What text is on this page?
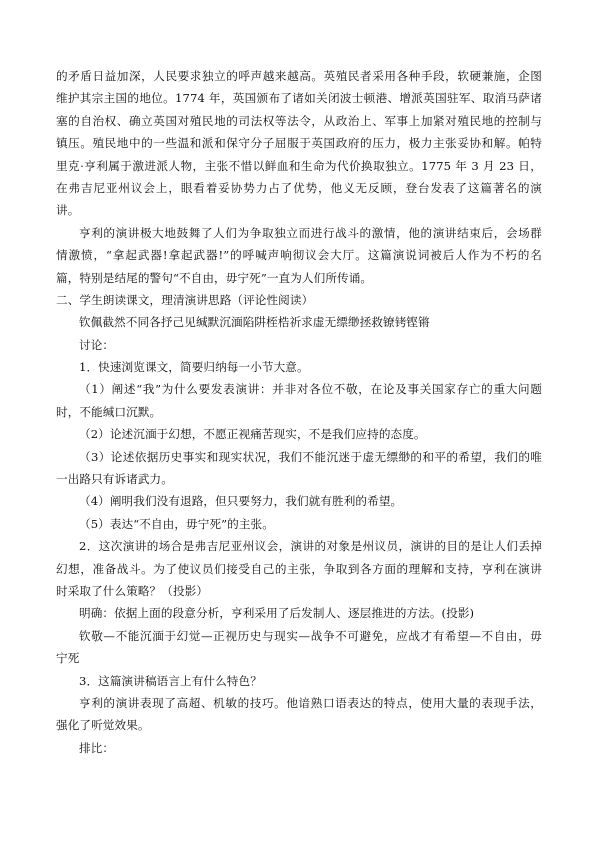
的矛盾日益加深，人民要求独立的呼声越来越高。英殖民者采用各种手段，软硬兼施，企图
维护其宗主国的地位。1774 年，英国颁布了诸如关闭波士顿港、增派英国驻军、取消马萨诸
塞的自治权、确立英国对殖民地的司法权等法令，从政治上、军事上加紧对殖民地的控制与
镇压。殖民地中的一些温和派和保守分子屈服于英国政府的压力，极力主张妥协和解。帕特
里克·亨利属于激进派人物，主张不惜以鲜血和生命为代价换取独立。1775 年 3 月 23 日，
在弗吉尼亚州议会上，眼看着妥协势力占了优势，他义无反顾，登台发表了这篇著名的演
讲。
亨利的演讲极大地鼓舞了人们为争取独立而进行战斗的激情，他的演讲结束后，会场群
情激愤，“拿起武器!拿起武器!”的呼喊声响彻议会大厅。这篇演说词被后人作为不朽的名
篇，特别是结尾的警句“不自由，毋宁死”一直为人们所传诵。
二、学生朗读课文，理清演讲思路（评论性阅读）
钦佩截然不同各抒己见缄默沉湎陷阱桎梏祈求虚无缥缈拯救镣铐铿锵
讨论：
1．快速浏览课文，简要归纳每一小节大意。
（1）阐述“我”为什么要发表演讲：并非对各位不敬，在论及事关国家存亡的重大问题
时，不能缄口沉默。
（2）论述沉湎于幻想，不愿正视痛苦现实，不是我们应持的态度。
（3）论述依据历史事实和现实状况，我们不能沉迷于虚无缥缈的和平的希望，我们的唯
一出路只有诉诸武力。
（4）阐明我们没有退路，但只要努力，我们就有胜利的希望。
（5）表达“不自由，毋宁死”的主张。
2．这次演讲的场合是弗吉尼亚州议会，演讲的对象是州议员，演讲的目的是让人们丢掉
幻想，准备战斗。为了使议员们接受自己的主张，争取到各方面的理解和支持，亨利在演讲
时采取了什么策略？（投影）
明确：依据上面的段意分析，亨利采用了后发制人、逐层推进的方法。(投影)
钦敬—不能沉湎于幻觉—正视历史与现实—战争不可避免，应战才有希望—不自由，毋
宁死
3．这篇演讲稿语言上有什么特色？
亨利的演讲表现了高超、机敏的技巧。他谙熟口语表达的特点，使用大量的表现手法，
强化了听觉效果。
排比：
